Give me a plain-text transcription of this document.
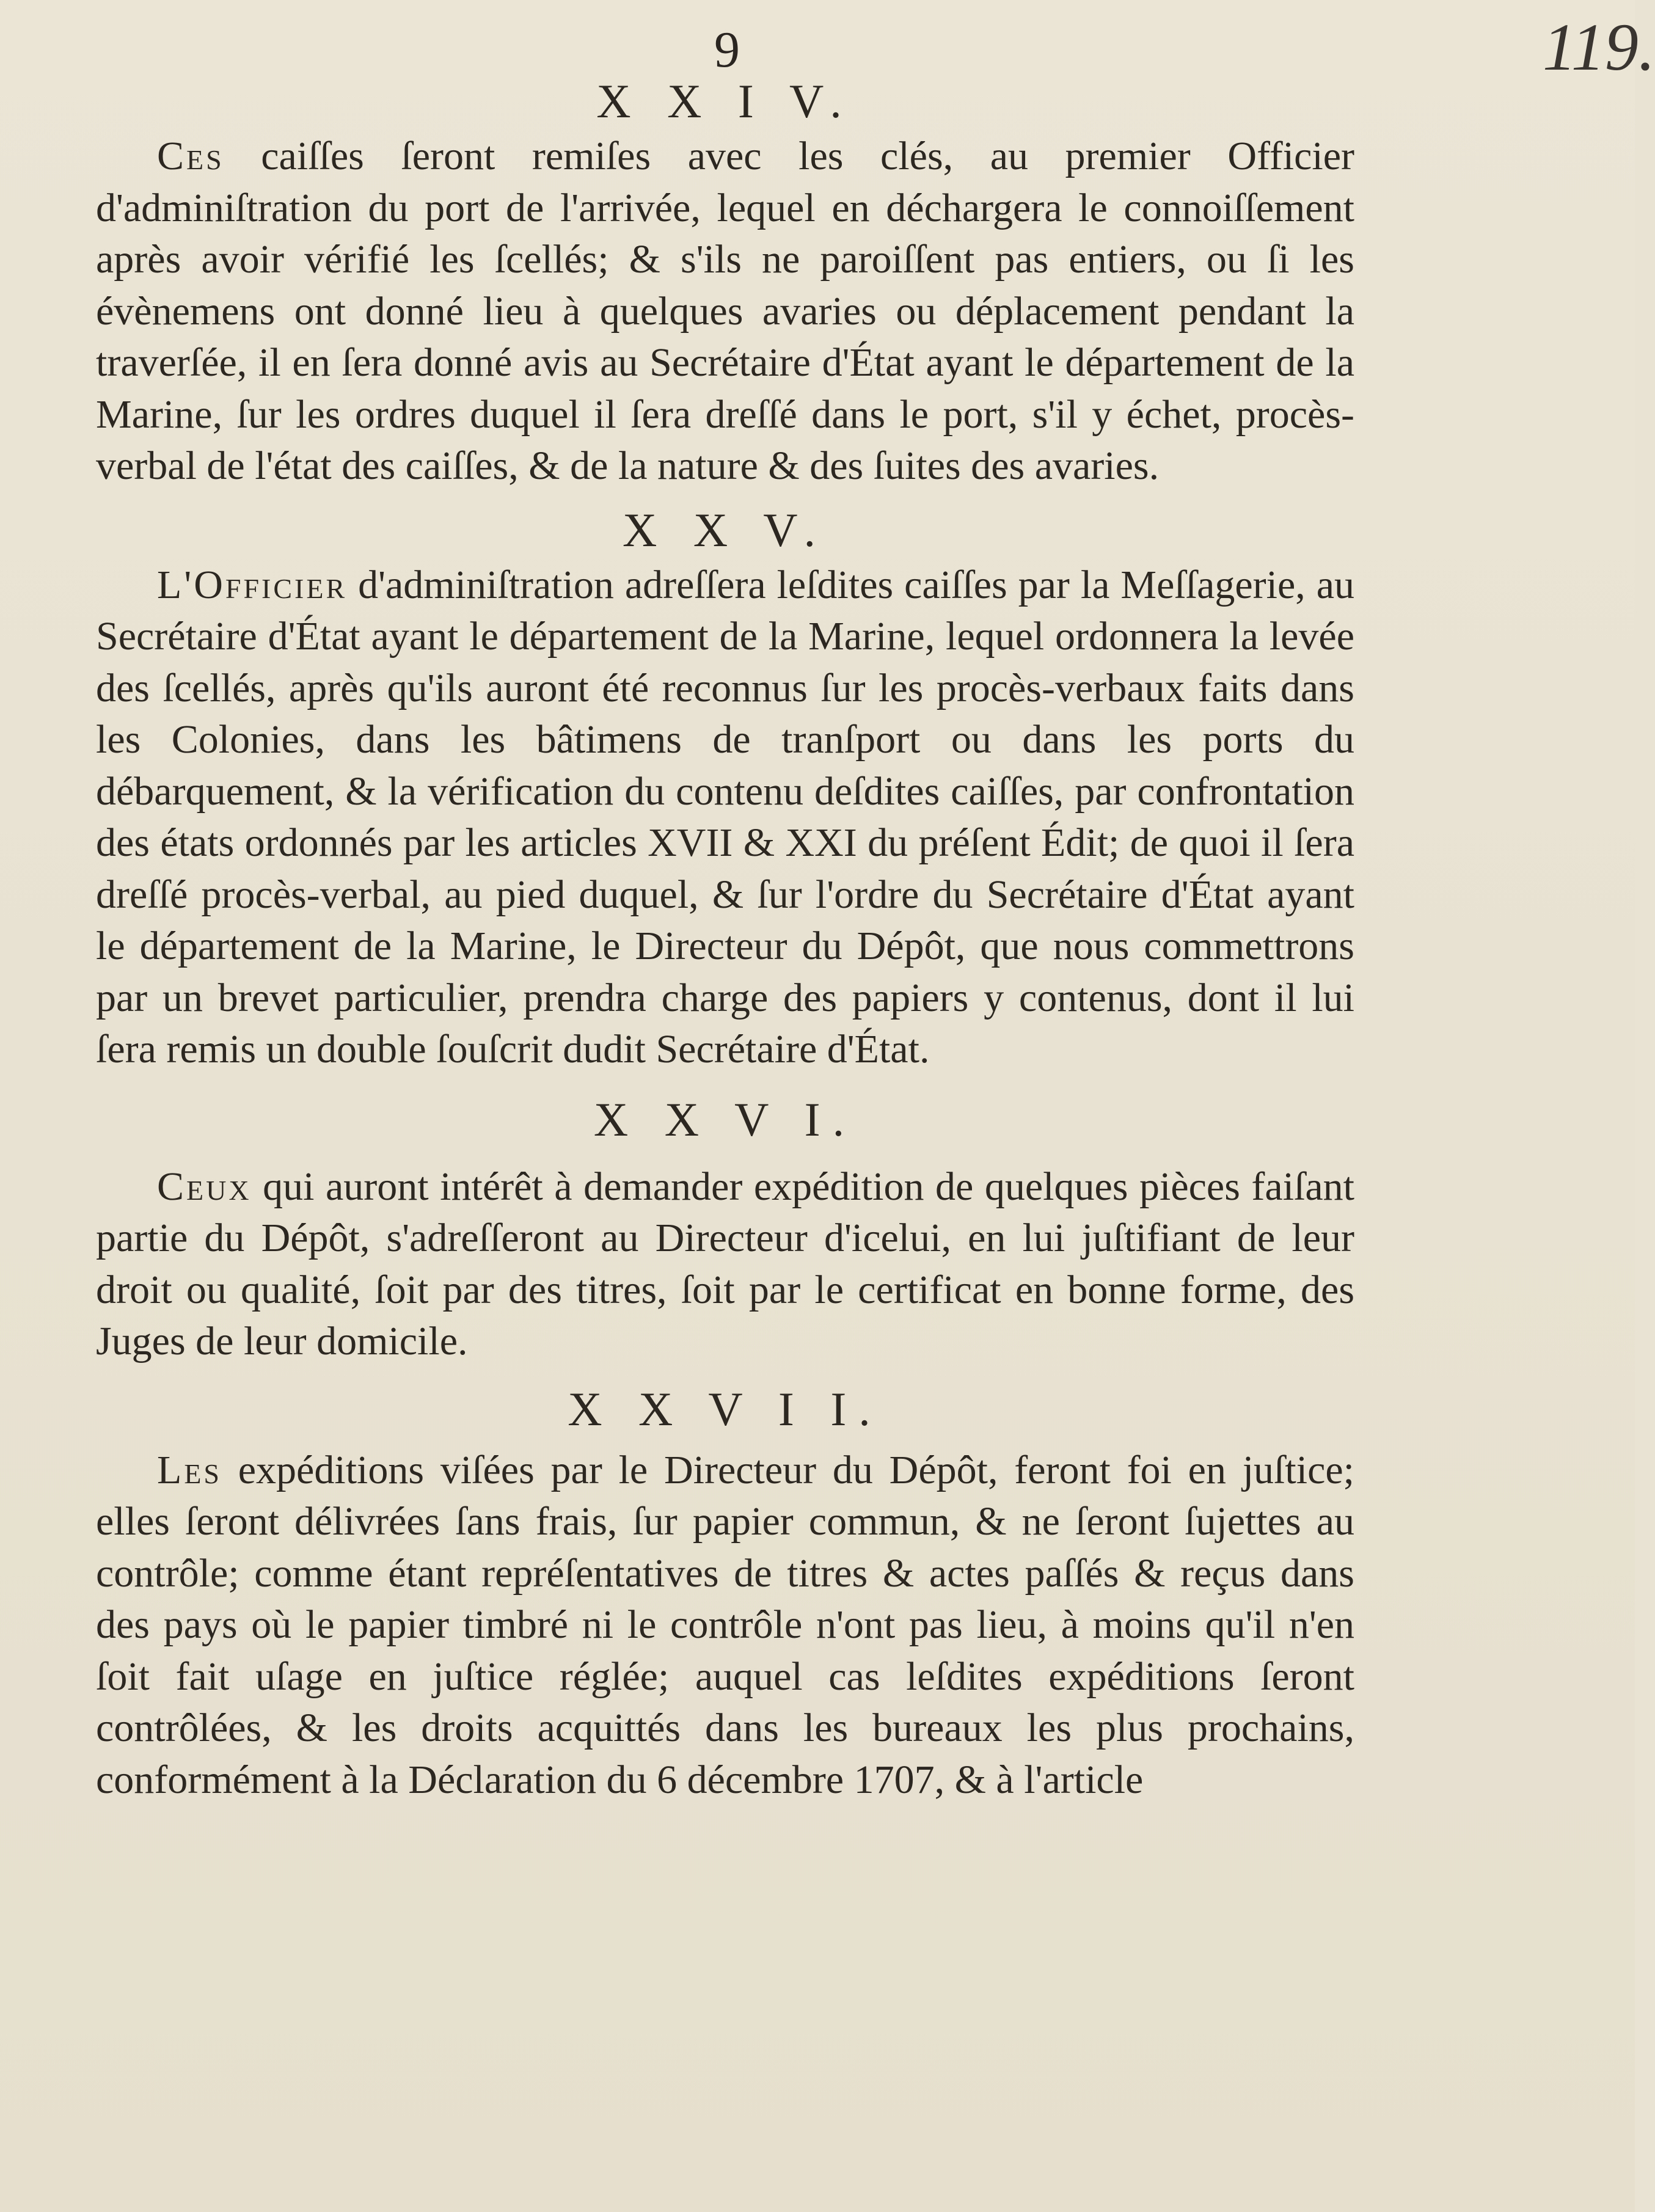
9	119.
X X I V.

Ces caiſſes ſeront remiſes avec les clés, au premier Officier d'adminiſtration du port de l'arrivée, lequel en déchargera le connoiſſement après avoir vérifié les ſcellés; & s'ils ne paroiſſent pas entiers, ou ſi les évènemens ont donné lieu à quelques avaries ou déplacement pendant la traverſée, il en ſera donné avis au Secrétaire d'État ayant le département de la Marine, ſur les ordres duquel il ſera dreſſé dans le port, s'il y échet, procès-verbal de l'état des caiſſes, & de la nature & des ſuites des avaries.

X X V.

L'Officier d'adminiſtration adreſſera leſdites caiſſes par la Meſſagerie, au Secrétaire d'État ayant le département de la Marine, lequel ordonnera la levée des ſcellés, après qu'ils auront été reconnus ſur les procès-verbaux faits dans les Colonies, dans les bâtimens de tranſport ou dans les ports du débarquement, & la vérification du contenu deſdites caiſſes, par confrontation des états ordonnés par les articles XVII & XXI du préſent Édit; de quoi il ſera dreſſé procès-verbal, au pied duquel, & ſur l'ordre du Secrétaire d'État ayant le département de la Marine, le Directeur du Dépôt, que nous commettrons par un brevet particulier, prendra charge des papiers y contenus, dont il lui ſera remis un double ſouſcrit dudit Secrétaire d'État.

X X V I.

Ceux qui auront intérêt à demander expédition de quelques pièces faiſant partie du Dépôt, s'adreſſeront au Directeur d'icelui, en lui juſtifiant de leur droit ou qualité, ſoit par des titres, ſoit par le certificat en bonne forme, des Juges de leur domicile.

X X V I I.

Les expéditions viſées par le Directeur du Dépôt, feront foi en juſtice; elles ſeront délivrées ſans frais, ſur papier commun, & ne ſeront ſujettes au contrôle; comme étant repréſentatives de titres & actes paſſés & reçus dans des pays où le papier timbré ni le contrôle n'ont pas lieu, à moins qu'il n'en ſoit fait uſage en juſtice réglée; auquel cas leſdites expéditions ſeront contrôlées, & les droits acquittés dans les bureaux les plus prochains, conformément à la Déclaration du 6 décembre 1707, & à l'article
